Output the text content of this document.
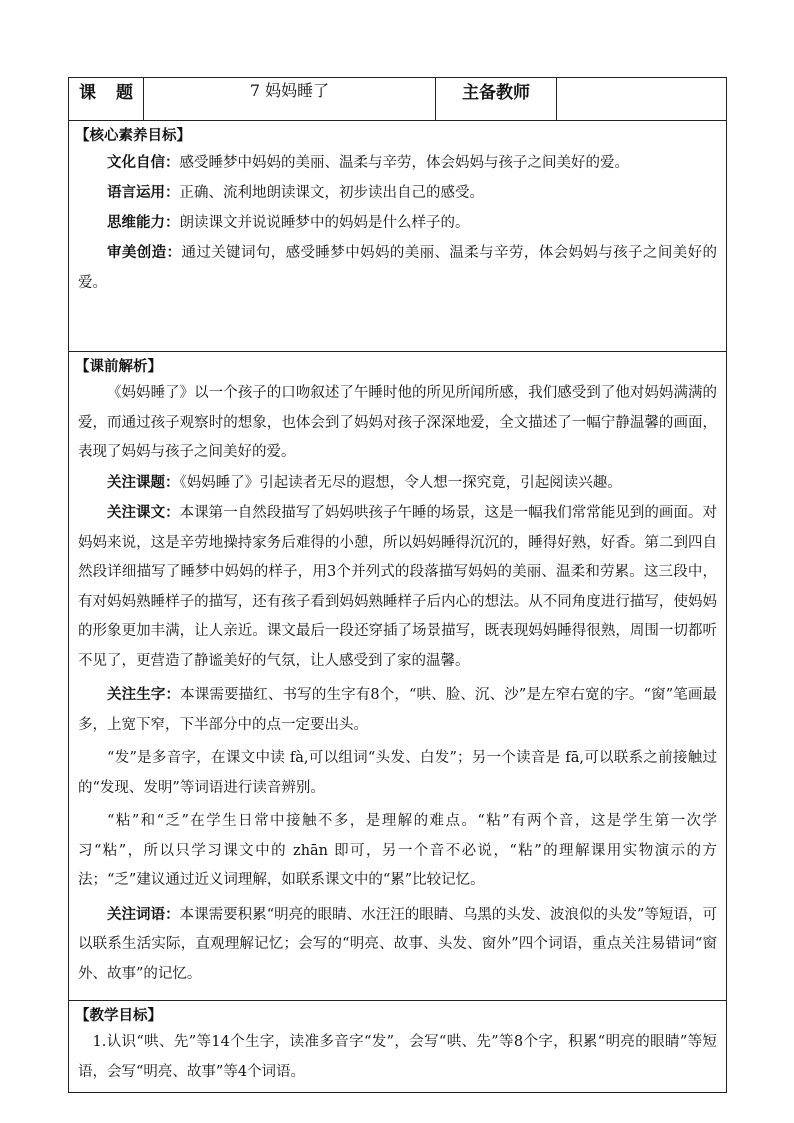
课 题	7 妈妈睡了	主备教师	

【核心素养目标】

文化自信：感受睡梦中妈妈的美丽、温柔与辛劳，体会妈妈与孩子之间美好的爱。

语言运用：正确、流利地朗读课文，初步读出自己的感受。

思维能力：朗读课文并说说睡梦中的妈妈是什么样子的。

审美创造：通过关键词句，感受睡梦中妈妈的美丽、温柔与辛劳，体会妈妈与孩子之间美好的爱。

【课前解析】

《妈妈睡了》以一个孩子的口吻叙述了午睡时他的所见所闻所感，我们感受到了他对妈妈满满的爱，而通过孩子观察时的想象，也体会到了妈妈对孩子深深地爱，全文描述了一幅宁静温馨的画面，表现了妈妈与孩子之间美好的爱。

关注课题：《妈妈睡了》引起读者无尽的遐想，令人想一探究竟，引起阅读兴趣。

关注课文：本课第一自然段描写了妈妈哄孩子午睡的场景，这是一幅我们常常能见到的画面。对妈妈来说，这是辛劳地操持家务后难得的小憩，所以妈妈睡得沉沉的，睡得好熟，好香。第二到四自然段详细描写了睡梦中妈妈的样子，用3个并列式的段落描写妈妈的美丽、温柔和劳累。这三段中，有对妈妈熟睡样子的描写，还有孩子看到妈妈熟睡样子后内心的想法。从不同角度进行描写，使妈妈的形象更加丰满，让人亲近。课文最后一段还穿插了场景描写，既表现妈妈睡得很熟，周围一切都听不见了，更营造了静谧美好的气氛，让人感受到了家的温馨。

关注生字：本课需要描红、书写的生字有8个，“哄、脸、沉、沙”是左窄右宽的字。“窗”笔画最多，上宽下窄，下半部分中的点一定要出头。

“发”是多音字，在课文中读 fà,可以组词“头发、白发”；另一个读音是 fā,可以联系之前接触过的“发现、发明”等词语进行读音辨别。

“粘”和“乏”在学生日常中接触不多，是理解的难点。“粘”有两个音，这是学生第一次学习“粘”，所以只学习课文中的 zhān 即可，另一个音不必说，“粘”的理解课用实物演示的方法；“乏”建议通过近义词理解，如联系课文中的“累”比较记忆。

关注词语：本课需要积累“明亮的眼睛、水汪汪的眼睛、乌黑的头发、波浪似的头发”等短语，可以联系生活实际，直观理解记忆；会写的“明亮、故事、头发、窗外”四个词语，重点关注易错词“窗外、故事”的记忆。

【教学目标】

1.认识“哄、先”等14个生字，读准多音字“发”，会写“哄、先”等8个字，积累“明亮的眼睛”等短语，会写“明亮、故事”等4个词语。
